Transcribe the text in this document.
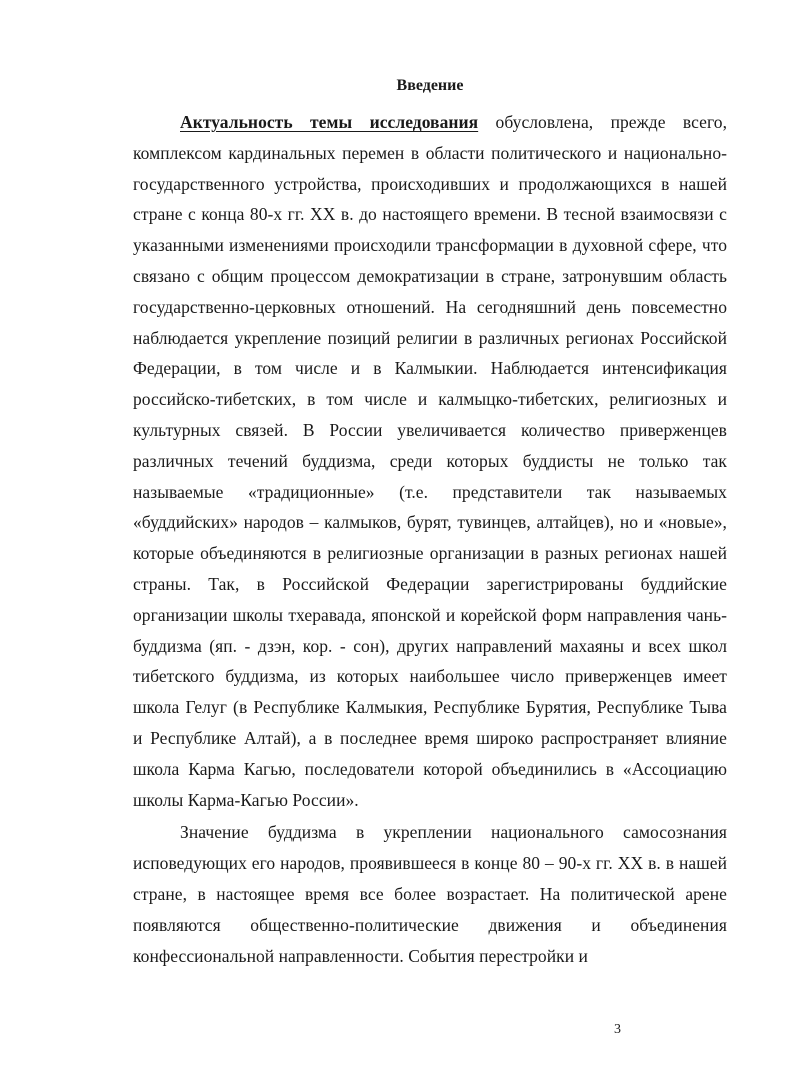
Введение

Актуальность темы исследования обусловлена, прежде всего, комплексом кардинальных перемен в области политического и национально-государственного устройства, происходивших и продолжающихся в нашей стране с конца 80-х гг. XX в. до настоящего времени. В тесной взаимосвязи с указанными изменениями происходили трансформации в духовной сфере, что связано с общим процессом демократизации в стране, затронувшим область государственно-церковных отношений. На сегодняшний день повсеместно наблюдается укрепление позиций религии в различных регионах Российской Федерации, в том числе и в Калмыкии. Наблюдается интенсификация российско-тибетских, в том числе и калмыцко-тибетских, религиозных и культурных связей. В России увеличивается количество приверженцев различных течений буддизма, среди которых буддисты не только так называемые «традиционные» (т.е. представители так называемых «буддийских» народов – калмыков, бурят, тувинцев, алтайцев), но и «новые», которые объединяются в религиозные организации в разных регионах нашей страны. Так, в Российской Федерации зарегистрированы буддийские организации школы тхеравада, японской и корейской форм направления чань-буддизма (яп. - дзэн, кор. - сон), других направлений махаяны и всех школ тибетского буддизма, из которых наибольшее число приверженцев имеет школа Гелуг (в Республике Калмыкия, Республике Бурятия, Республике Тыва и Республике Алтай), а в последнее время широко распространяет влияние школа Карма Кагью, последователи которой объединились в «Ассоциацию школы Карма-Кагью России».

Значение буддизма в укреплении национального самосознания исповедующих его народов, проявившееся в конце 80 – 90-х гг. XX в. в нашей стране, в настоящее время все более возрастает. На политической арене появляются общественно-политические движения и объединения конфессиональной направленности. События перестройки и

3
